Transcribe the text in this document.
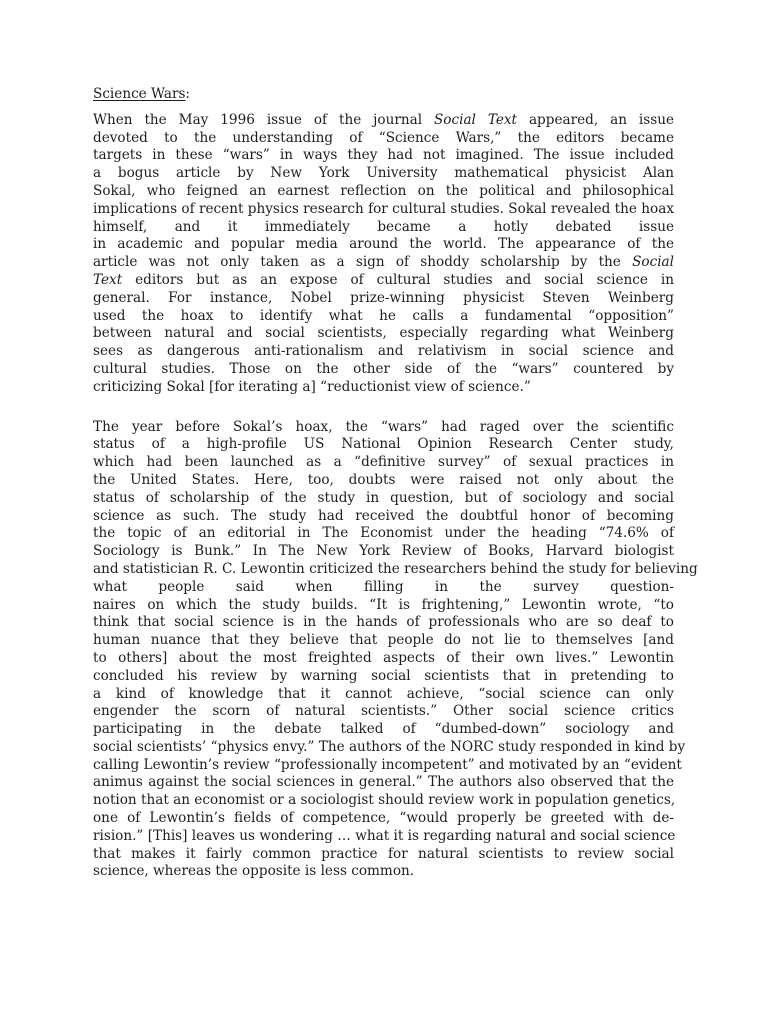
Science Wars:

When the May 1996 issue of the journal Social Text appeared, an issue
devoted to the understanding of “Science Wars,” the editors became
targets in these “wars” in ways they had not imagined. The issue included
a bogus article by New York University mathematical physicist Alan
Sokal, who feigned an earnest reflection on the political and philosophical
implications of recent physics research for cultural studies. Sokal revealed the hoax
himself, and it immediately became a hotly debated issue
in academic and popular media around the world. The appearance of the
article was not only taken as a sign of shoddy scholarship by the Social
Text editors but as an expose of cultural studies and social science in
general. For instance, Nobel prize-winning physicist Steven Weinberg
used the hoax to identify what he calls a fundamental “opposition”
between natural and social scientists, especially regarding what Weinberg
sees as dangerous anti-rationalism and relativism in social science and
cultural studies. Those on the other side of the “wars” countered by
criticizing Sokal [for iterating a] “reductionist view of science.”

The year before Sokal’s hoax, the “wars” had raged over the scientific
status of a high-profile US National Opinion Research Center study,
which had been launched as a “definitive survey” of sexual practices in
the United States. Here, too, doubts were raised not only about the
status of scholarship of the study in question, but of sociology and social
science as such. The study had received the doubtful honor of becoming
the topic of an editorial in The Economist under the heading “74.6% of
Sociology is Bunk.” In The New York Review of Books, Harvard biologist
and statistician R. C. Lewontin criticized the researchers behind the study for believing
what people said when filling in the survey question-
naires on which the study builds. “It is frightening,” Lewontin wrote, “to
think that social science is in the hands of professionals who are so deaf to
human nuance that they believe that people do not lie to themselves [and
to others] about the most freighted aspects of their own lives.” Lewontin
concluded his review by warning social scientists that in pretending to
a kind of knowledge that it cannot achieve, “social science can only
engender the scorn of natural scientists.” Other social science critics
participating in the debate talked of “dumbed-down” sociology and
social scientists’ “physics envy.” The authors of the NORC study responded in kind by
calling Lewontin’s review “professionally incompetent” and motivated by an “evident
animus against the social sciences in general.” The authors also observed that the
notion that an economist or a sociologist should review work in population genetics,
one of Lewontin’s fields of competence, “would properly be greeted with de-
rision.” [This] leaves us wondering … what it is regarding natural and social science
that makes it fairly common practice for natural scientists to review social
science, whereas the opposite is less common.
